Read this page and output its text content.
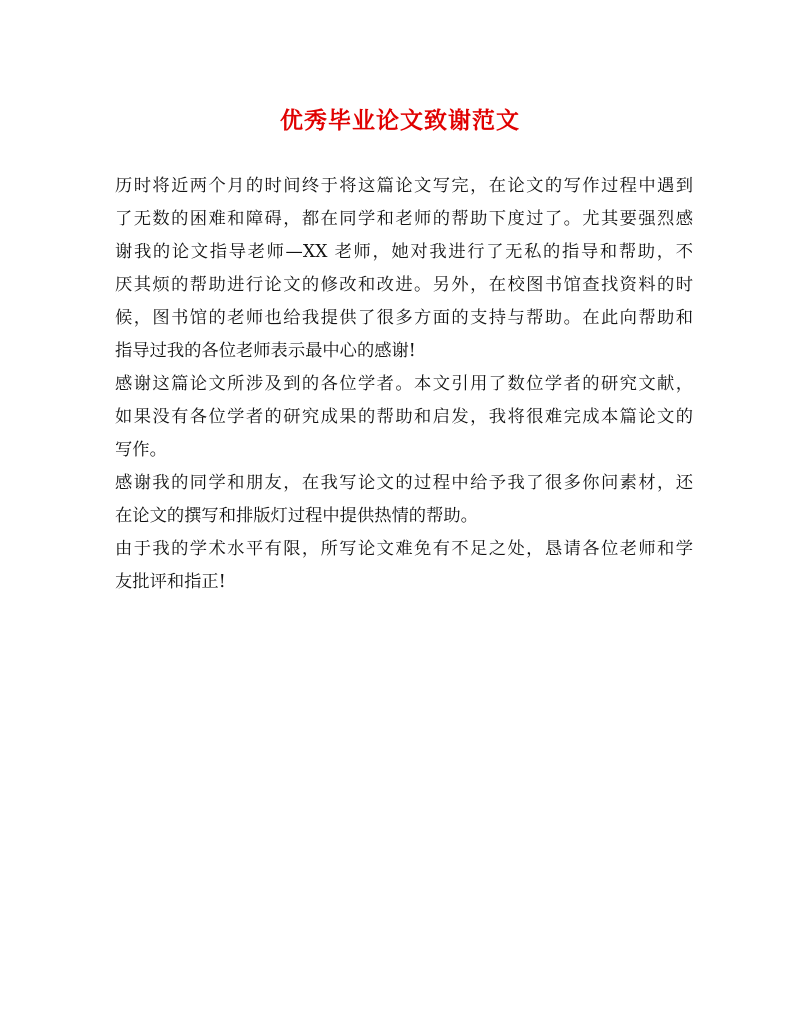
优秀毕业论文致谢范文
历时将近两个月的时间终于将这篇论文写完，在论文的写作过程中遇到
了无数的困难和障碍，都在同学和老师的帮助下度过了。尤其要强烈感
谢我的论文指导老师—XX 老师，她对我进行了无私的指导和帮助，不
厌其烦的帮助进行论文的修改和改进。另外，在校图书馆查找资料的时
候，图书馆的老师也给我提供了很多方面的支持与帮助。在此向帮助和
指导过我的各位老师表示最中心的感谢!
感谢这篇论文所涉及到的各位学者。本文引用了数位学者的研究文献，
如果没有各位学者的研究成果的帮助和启发，我将很难完成本篇论文的
写作。
感谢我的同学和朋友，在我写论文的过程中给予我了很多你问素材，还
在论文的撰写和排版灯过程中提供热情的帮助。
由于我的学术水平有限，所写论文难免有不足之处，恳请各位老师和学
友批评和指正!
